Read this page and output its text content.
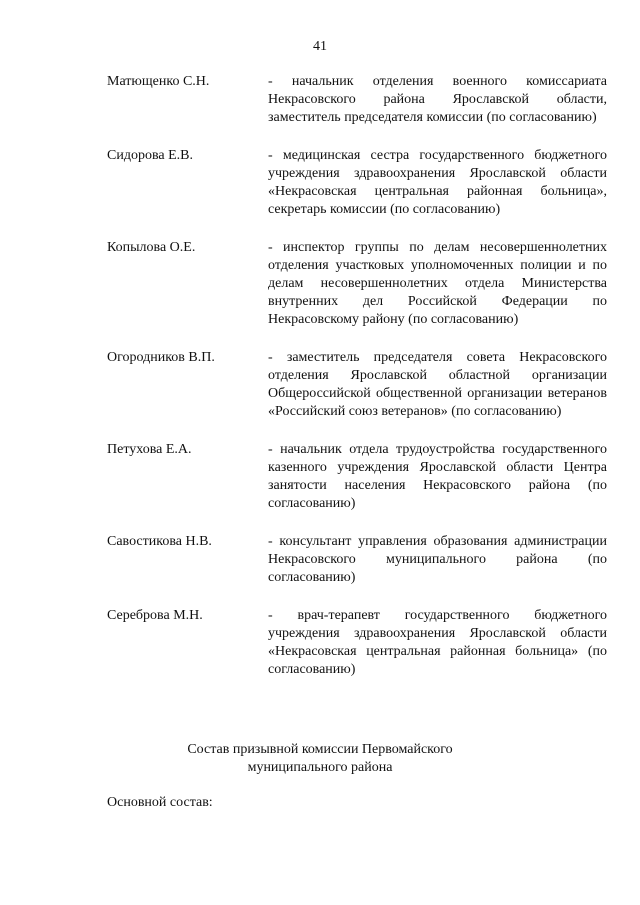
41
Матющенко С.Н.	- начальник отделения военного комиссариата Некрасовского района Ярославской области, заместитель председателя комиссии (по согласованию)
Сидорова Е.В.	- медицинская сестра государственного бюджетного учреждения здравоохранения Ярославской области «Некрасовская центральная районная больница», секретарь комиссии (по согласованию)
Копылова О.Е.	- инспектор группы по делам несовершеннолетних отделения участковых уполномоченных полиции и по делам несовершеннолетних отдела Министерства внутренних дел Российской Федерации по Некрасовскому району (по согласованию)
Огородников В.П.	- заместитель председателя совета Некрасовского отделения Ярославской областной организации Общероссийской общественной организации ветеранов «Российский союз ветеранов» (по согласованию)
Петухова Е.А.	- начальник отдела трудоустройства государственного казенного учреждения Ярославской области Центра занятости населения Некрасовского района (по согласованию)
Савостикова Н.В.	- консультант управления образования администрации Некрасовского муниципального района (по согласованию)
Сереброва М.Н.	- врач-терапевт государственного бюджетного учреждения здравоохранения Ярославской области «Некрасовская центральная районная больница» (по согласованию)
Состав призывной комиссии Первомайского
муниципального района
Основной состав:
